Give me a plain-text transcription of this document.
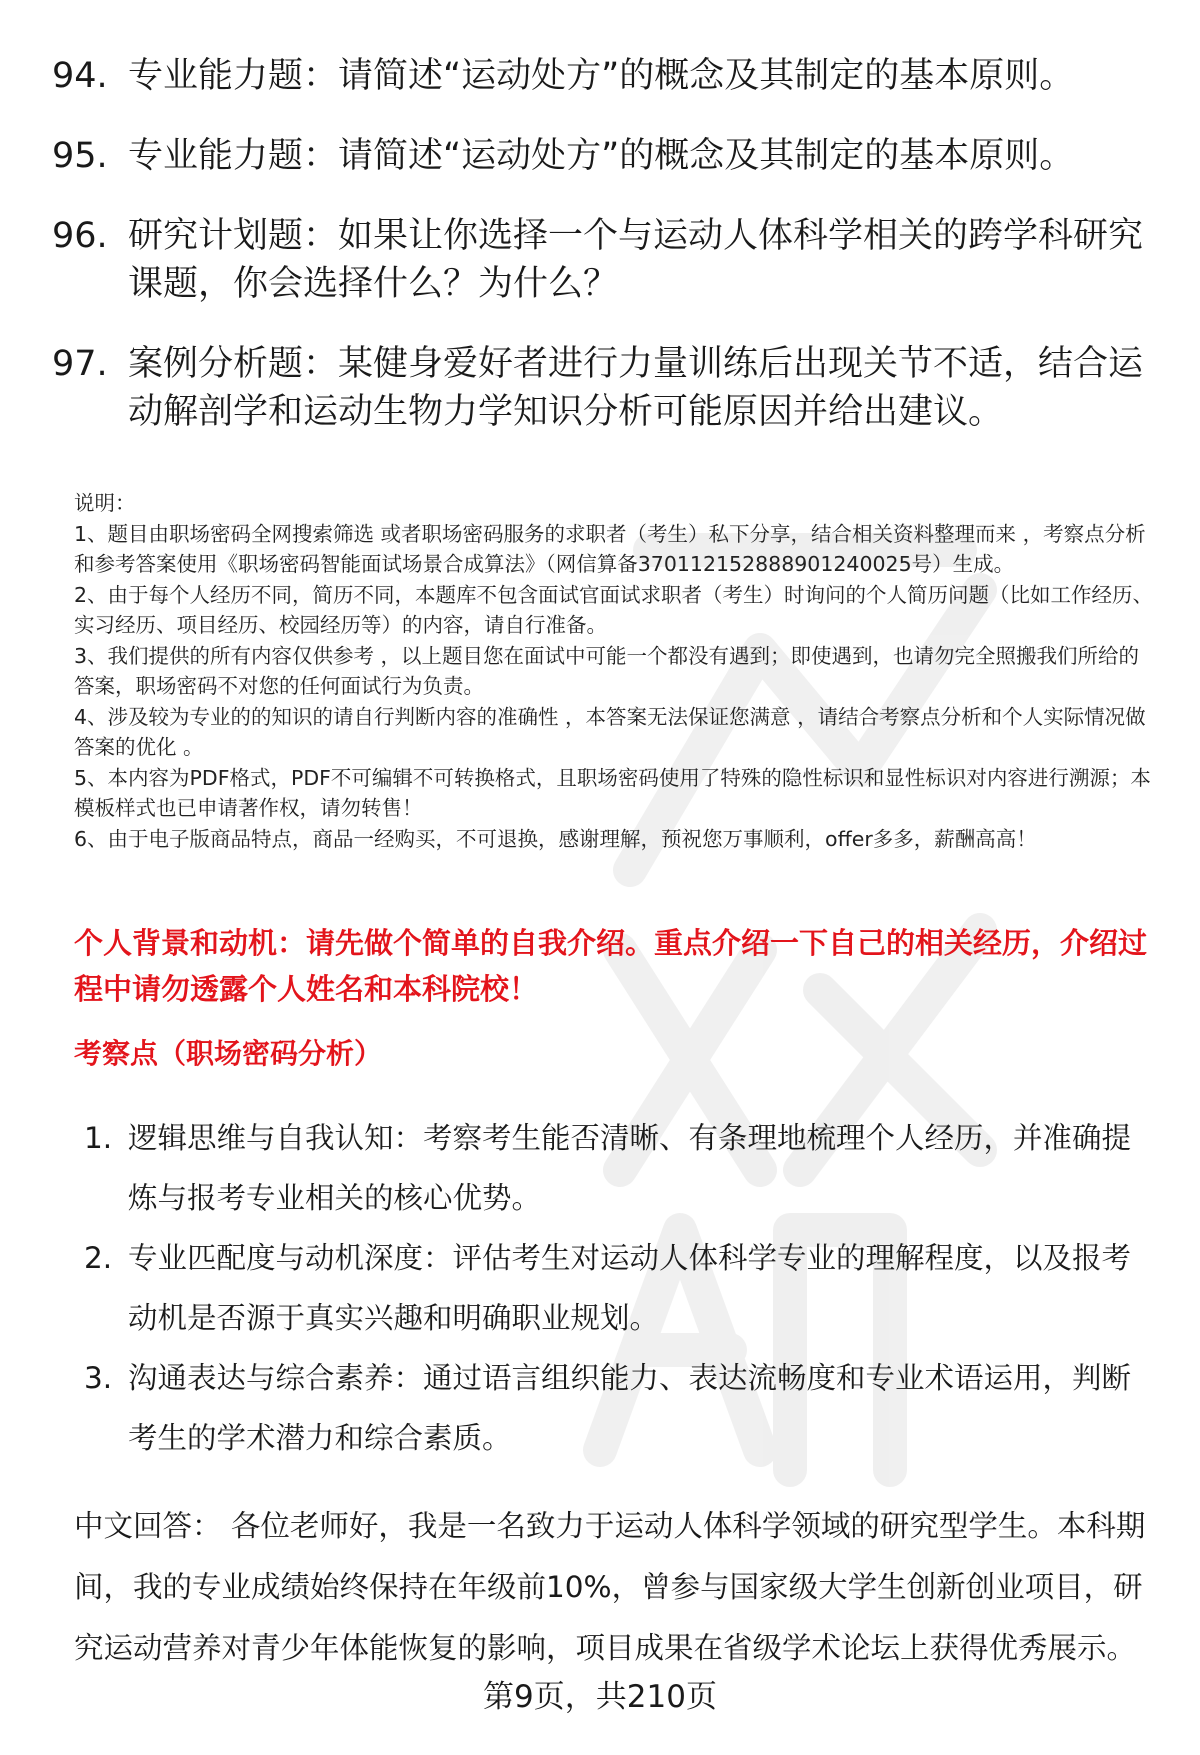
94. 专业能力题：请简述“运动处方”的概念及其制定的基本原则。
95. 专业能力题：请简述“运动处方”的概念及其制定的基本原则。
96. 研究计划题：如果让你选择一个与运动人体科学相关的跨学科研究课题，你会选择什么？为什么？
97. 案例分析题：某健身爱好者进行力量训练后出现关节不适，结合运动解剖学和运动生物力学知识分析可能原因并给出建议。

说明：

1、题目由职场密码全网搜索筛选 或者职场密码服务的求职者（考生）私下分享，结合相关资料整理而来 ，考察点分析和参考答案使用《职场密码智能面试场景合成算法》（网信算备370112152888901240025号）生成。

2、由于每个人经历不同，简历不同，本题库不包含面试官面试求职者（考生）时询问的个人简历问题（比如工作经历、实习经历、项目经历、校园经历等）的内容，请自行准备。

3、我们提供的所有内容仅供参考 ，以上题目您在面试中可能一个都没有遇到；即使遇到，也请勿完全照搬我们所给的答案，职场密码不对您的任何面试行为负责。

4、涉及较为专业的的知识的请自行判断内容的准确性 ，本答案无法保证您满意 ，请结合考察点分析和个人实际情况做答案的优化 。

5、本内容为PDF格式，PDF不可编辑不可转换格式，且职场密码使用了特殊的隐性标识和显性标识对内容进行溯源；本模板样式也已申请著作权，请勿转售！

6、由于电子版商品特点，商品一经购买，不可退换，感谢理解，预祝您万事顺利，offer多多，薪酬高高！

个人背景和动机：请先做个简单的自我介绍。重点介绍一下自己的相关经历，介绍过程中请勿透露个人姓名和本科院校！
考察点（职场密码分析）
1. 逻辑思维与自我认知：考察考生能否清晰、有条理地梳理个人经历，并准确提炼与报考专业相关的核心优势。
2. 专业匹配度与动机深度：评估考生对运动人体科学专业的理解程度，以及报考动机是否源于真实兴趣和明确职业规划。
3. 沟通表达与综合素养：通过语言组织能力、表达流畅度和专业术语运用，判断考生的学术潜力和综合素质。
中文回答： 各位老师好，我是一名致力于运动人体科学领域的研究型学生。本科期间，我的专业成绩始终保持在年级前10%，曾参与国家级大学生创新创业项目，研究运动营养对青少年体能恢复的影响，项目成果在省级学术论坛上获得优秀展示。
第9页，共210页
